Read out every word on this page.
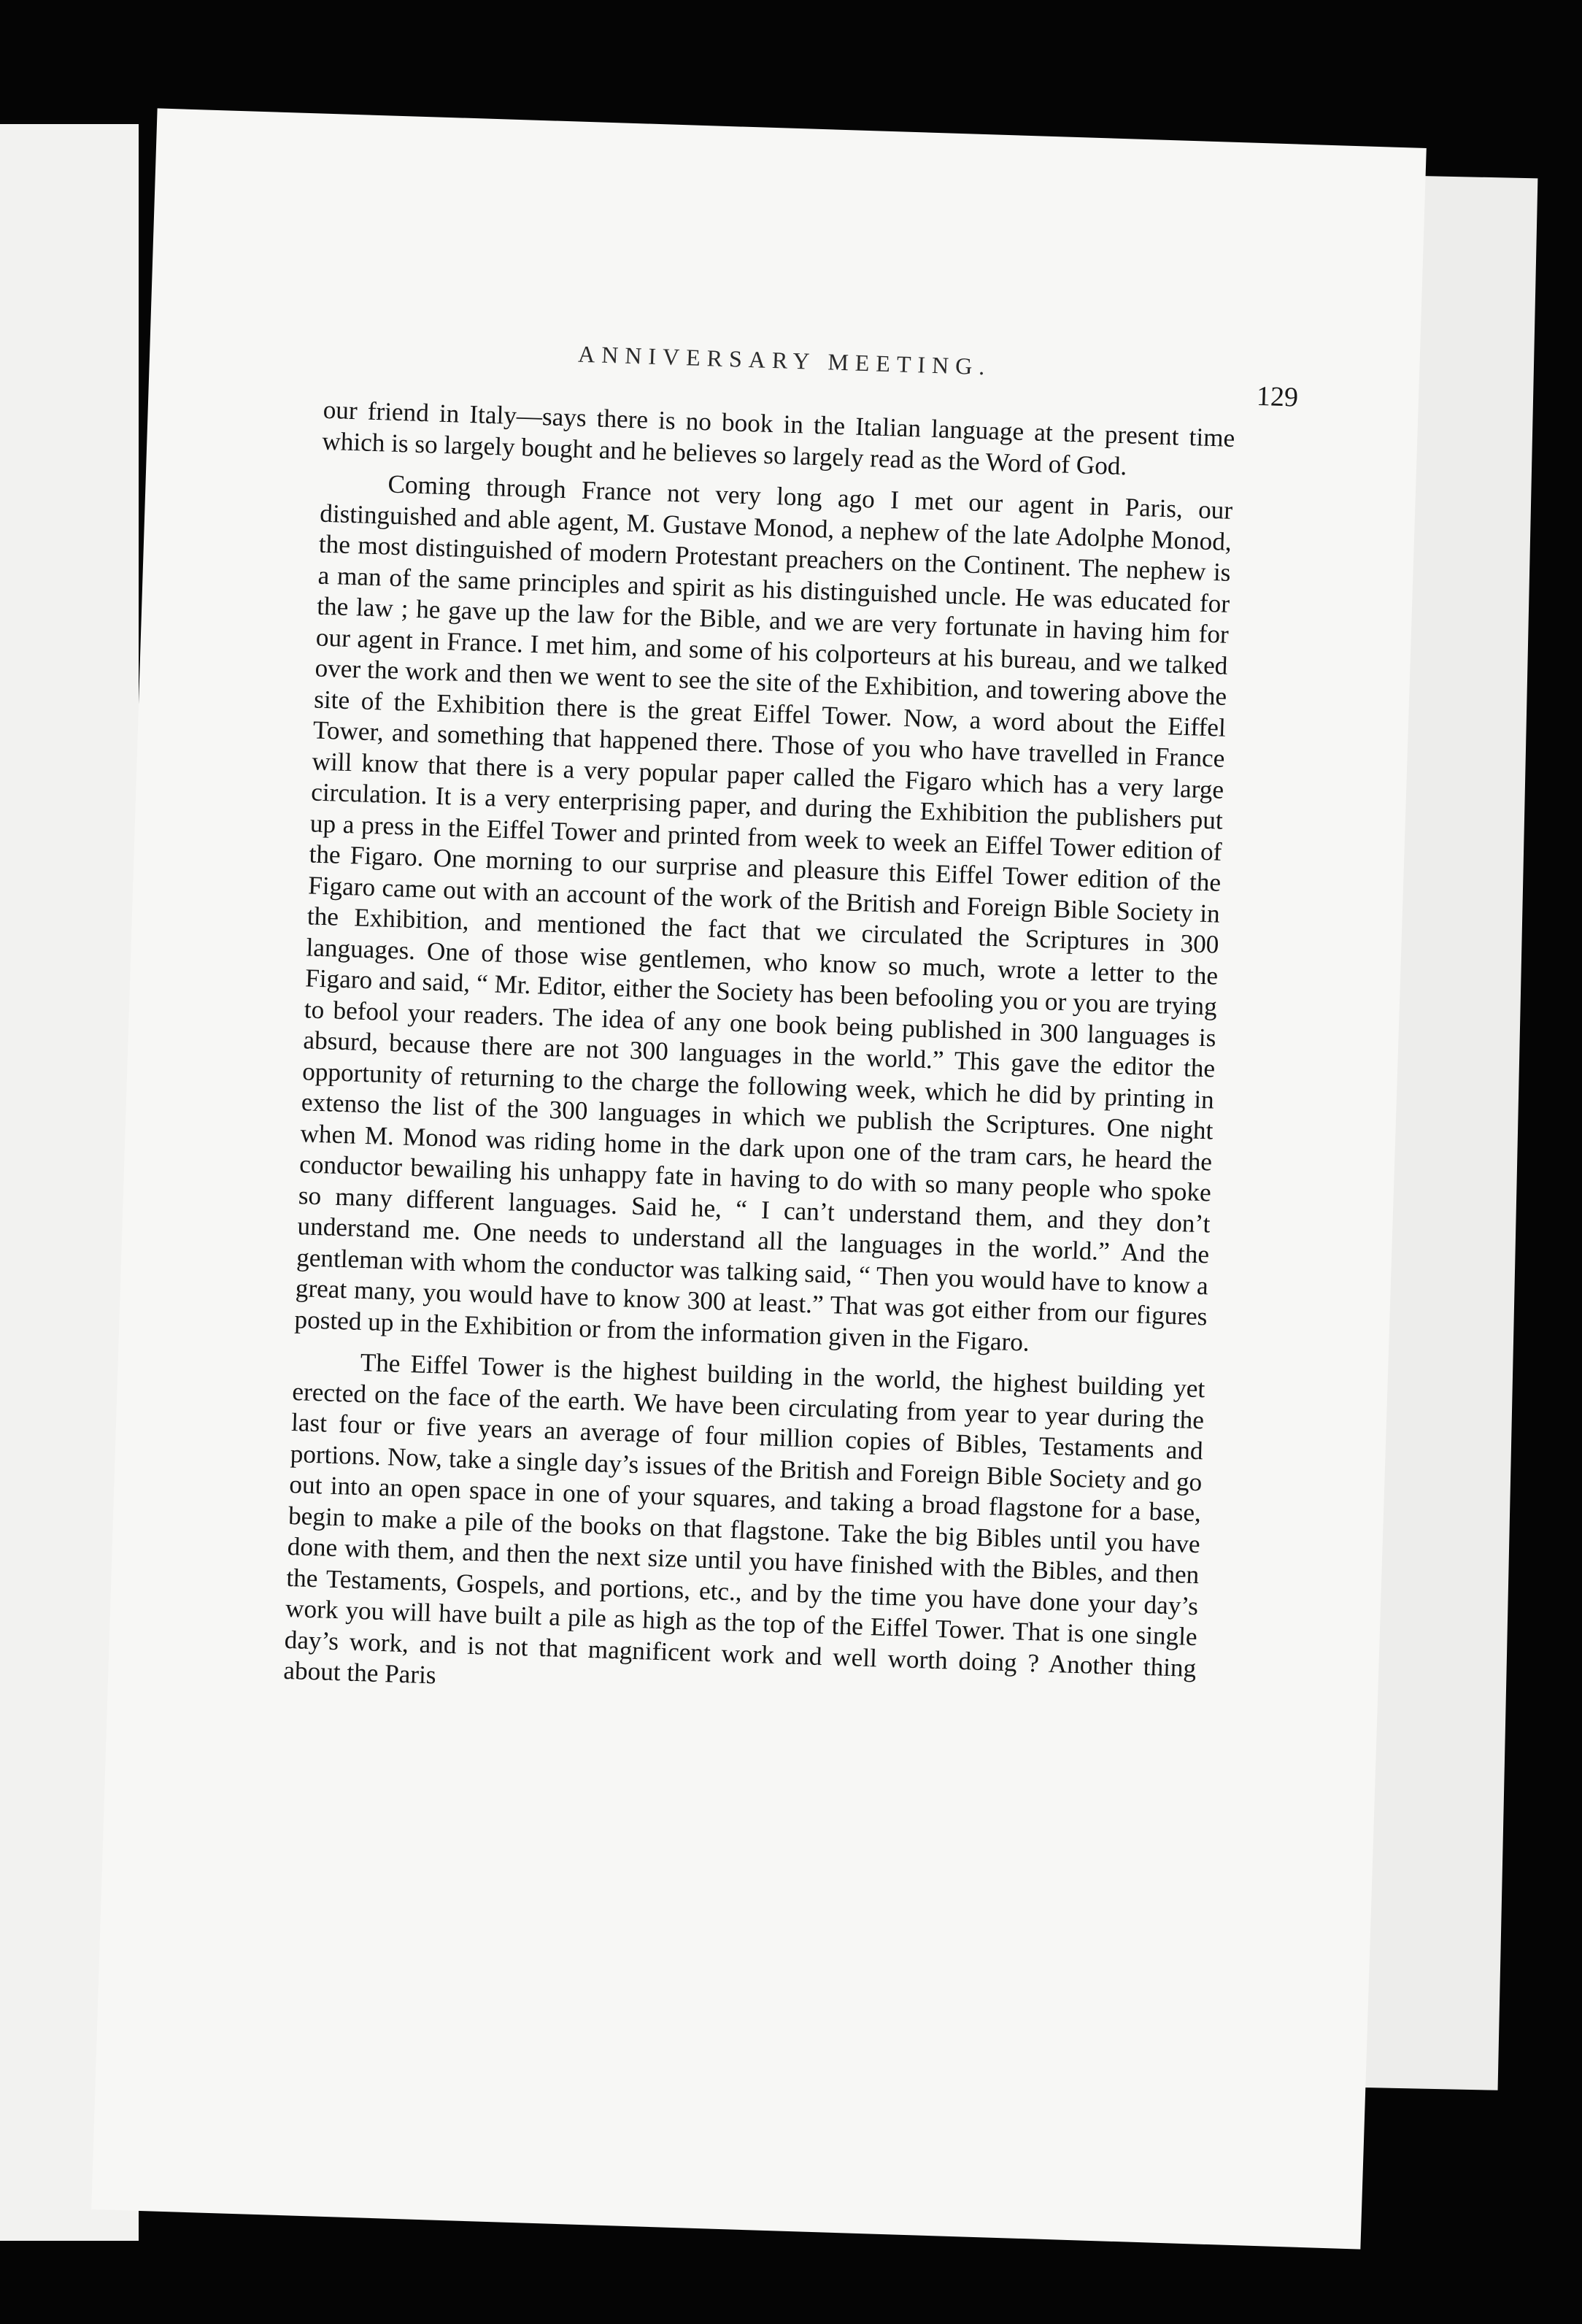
ANNIVERSARY MEETING.
129

our friend in Italy—says there is no book in the Italian language at the present time which is so largely bought and he believes so largely read as the Word of God.

Coming through France not very long ago I met our agent in Paris, our distinguished and able agent, M. Gustave Monod, a nephew of the late Adolphe Monod, the most distinguished of modern Protestant preachers on the Continent. The nephew is a man of the same principles and spirit as his distinguished uncle. He was educated for the law ; he gave up the law for the Bible, and we are very fortunate in having him for our agent in France. I met him, and some of his colporteurs at his bureau, and we talked over the work and then we went to see the site of the Exhibition, and towering above the site of the Exhibition there is the great Eiffel Tower. Now, a word about the Eiffel Tower, and something that happened there. Those of you who have travelled in France will know that there is a very popular paper called the Figaro which has a very large circulation. It is a very enterprising paper, and during the Exhibition the publishers put up a press in the Eiffel Tower and printed from week to week an Eiffel Tower edition of the Figaro. One morning to our surprise and pleasure this Eiffel Tower edition of the Figaro came out with an account of the work of the British and Foreign Bible Society in the Exhibition, and mentioned the fact that we circulated the Scriptures in 300 languages. One of those wise gentlemen, who know so much, wrote a letter to the Figaro and said, “ Mr. Editor, either the Society has been befooling you or you are trying to befool your readers. The idea of any one book being published in 300 languages is absurd, because there are not 300 languages in the world.” This gave the editor the opportunity of returning to the charge the following week, which he did by printing in extenso the list of the 300 languages in which we publish the Scriptures. One night when M. Monod was riding home in the dark upon one of the tram cars, he heard the conductor bewailing his unhappy fate in having to do with so many people who spoke so many different languages. Said he, “ I can’t understand them, and they don’t understand me. One needs to understand all the languages in the world.” And the gentleman with whom the conductor was talking said, “ Then you would have to know a great many, you would have to know 300 at least.” That was got either from our figures posted up in the Exhibition or from the information given in the Figaro.

The Eiffel Tower is the highest building in the world, the highest building yet erected on the face of the earth. We have been circulating from year to year during the last four or five years an average of four million copies of Bibles, Testaments and portions. Now, take a single day’s issues of the British and Foreign Bible Society and go out into an open space in one of your squares, and taking a broad flagstone for a base, begin to make a pile of the books on that flagstone. Take the big Bibles until you have done with them, and then the next size until you have finished with the Bibles, and then the Testaments, Gospels, and portions, etc., and by the time you have done your day’s work you will have built a pile as high as the top of the Eiffel Tower. That is one single day’s work, and is not that magnificent work and well worth doing ? Another thing about the Paris
